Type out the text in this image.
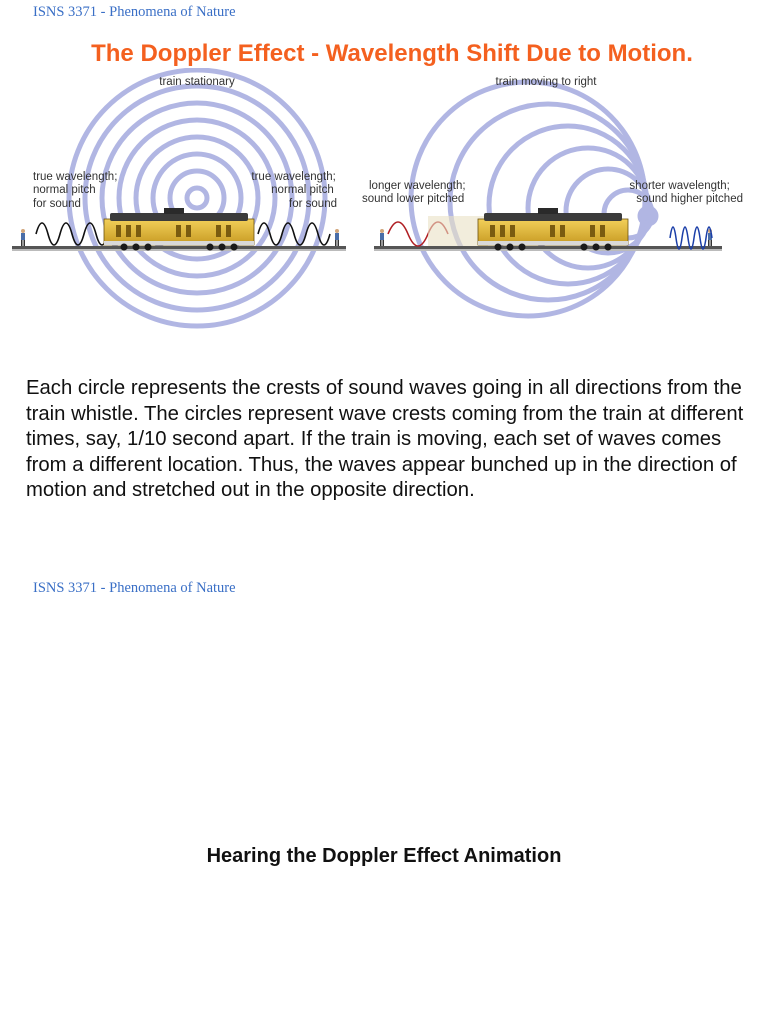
ISNS 3371 - Phenomena of Nature
The Doppler Effect - Wavelength Shift Due to Motion.
train stationary
true wavelength; normal pitch for sound
true wavelength; normal pitch for sound
train moving to right
longer wavelength; sound lower pitched
shorter wavelength; sound higher pitched

Each circle represents the crests of sound waves going in all directions from the train whistle. The circles represent wave crests coming from the train at different times, say, 1/10 second apart. If the train is moving, each set of waves comes from a different location. Thus, the waves appear bunched up in the direction of motion and stretched out in the opposite direction.

ISNS 3371 - Phenomena of Nature
Hearing the Doppler Effect Animation
